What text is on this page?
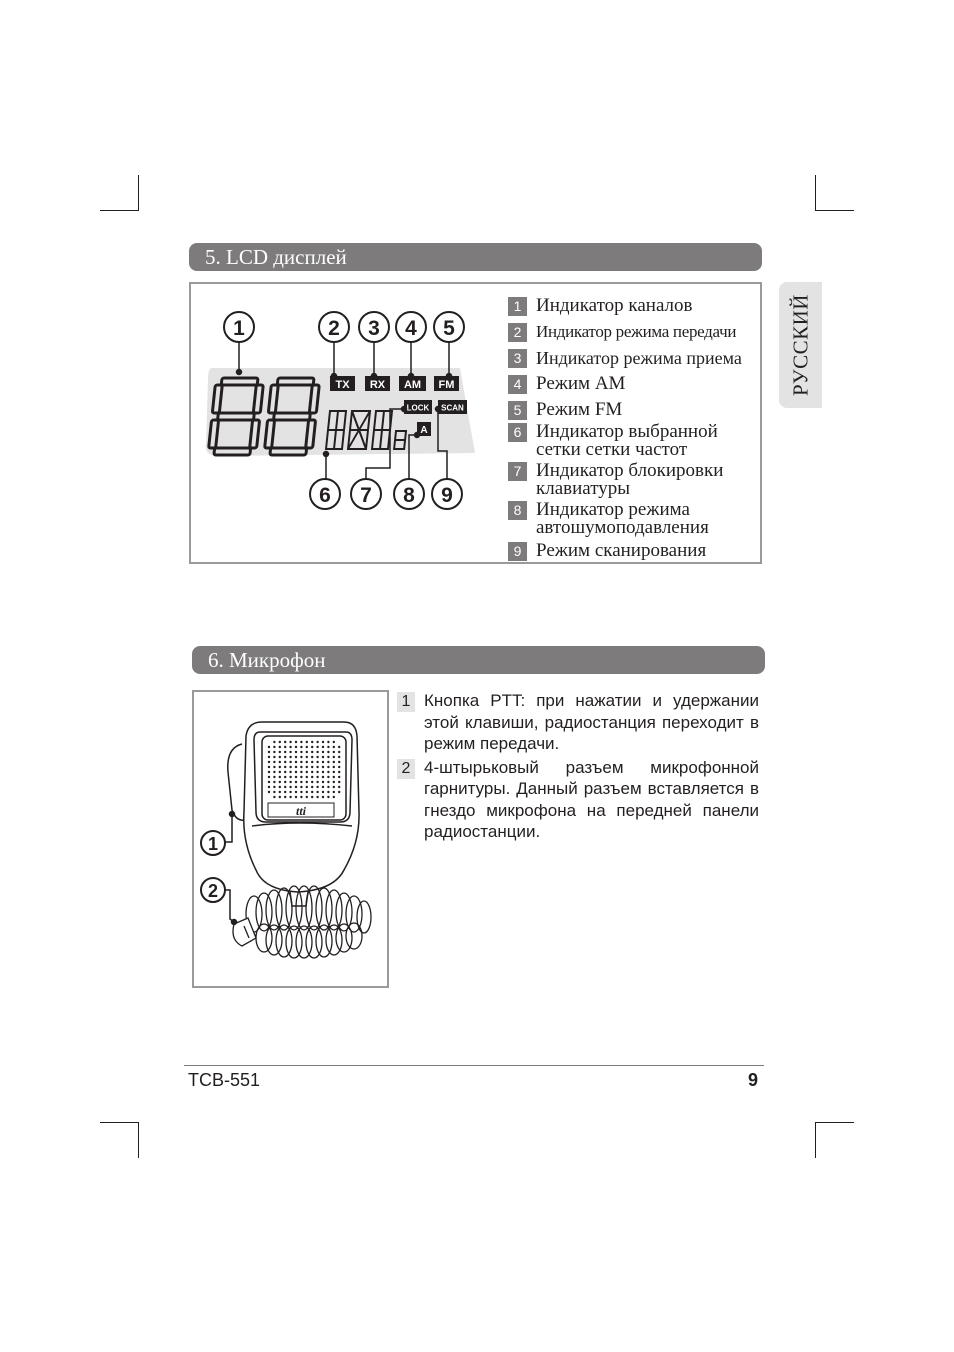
5. LCD дисплей
TX RX AM FM
LOCK SCAN
A
1	2 3 4 5
6 7 8 9
1 Индикатор каналов
2 Индикатор режима передачи
3 Индикатор режима приема
4 Режим AM
5 Режим FM
6 Индикатор выбранной сетки сетки частот
7 Индикатор блокировки клавиатуры
8 Индикатор режима автошумоподавления
9 Режим сканирования
РУССКИЙ
6. Микрофон
tti
1
2
1 Кнопка PTT: при нажатии и удержании этой клавиши, радиостанция переходит в режим передачи.
2 4-штырьковый разъем микрофонной гарнитуры. Данный разъем вставляется в гнездо микрофона на передней панели радиостанции.
TCB-551	9
